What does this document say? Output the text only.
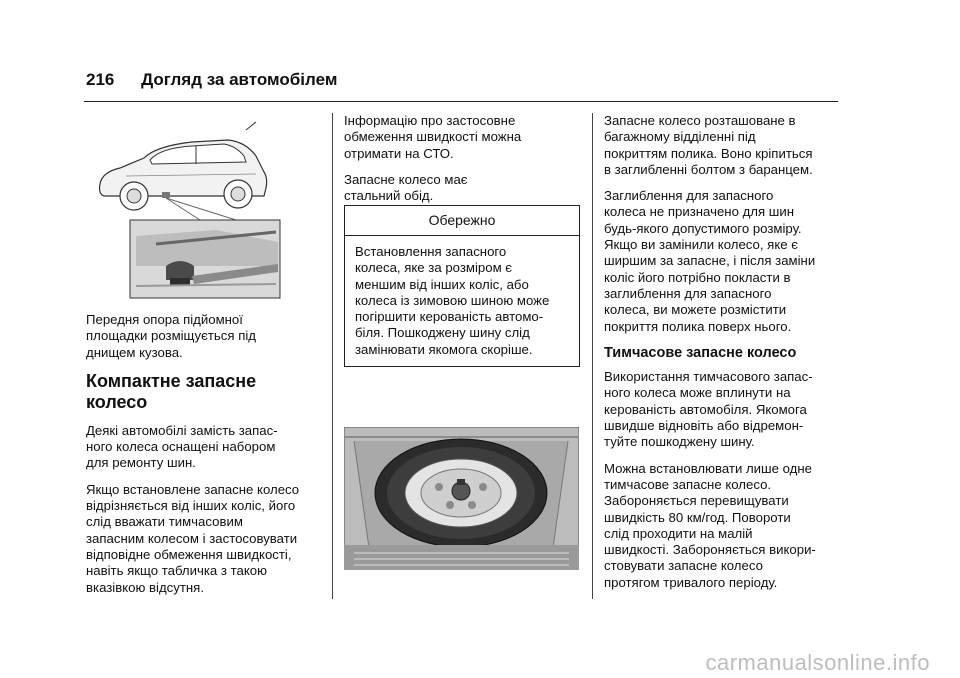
216 Догляд за автомобілем

Передня опора підйомної
площадки розміщується під
днищем кузова.

Компактне запасне
колесо

Деякі автомобілі замість запас-
ного колеса оснащені набором
для ремонту шин.

Якщо встановлене запасне колесо
відрізняється від інших коліс, його
слід вважати тимчасовим
запасним колесом і застосовувати
відповідне обмеження швидкості,
навіть якщо табличка з такою
вказівкою відсутня.

Інформацію про застосовне
обмеження швидкості можна
отримати на СТО.

Запасне колесо має
стальний обід.

Обережно
Встановлення запасного
колеса, яке за розміром є
меншим від інших коліс, або
колеса із зимовою шиною може
погіршити керованість автомо-
біля. Пошкоджену шину слід
замінювати якомога скоріше.

Запасне колесо розташоване в
багажному відділенні під
покриттям полика. Воно кріпиться
в заглибленні болтом з баранцем.

Заглиблення для запасного
колеса не призначено для шин
будь-якого допустимого розміру.
Якщо ви замінили колесо, яке є
ширшим за запасне, і після заміни
коліс його потрібно покласти в
заглиблення для запасного
колеса, ви можете розмістити
покриття полика поверх нього.

Тимчасове запасне колесо

Використання тимчасового запас-
ного колеса може вплинути на
керованість автомобіля. Якомога
швидше відновіть або відремон-
туйте пошкоджену шину.

Можна встановлювати лише одне
тимчасове запасне колесо.
Забороняється перевищувати
швидкість 80 км/год. Повороти
слід проходити на малій
швидкості. Забороняється викори-
стовувати запасне колесо
протягом тривалого періоду.

carmanualsonline.info
